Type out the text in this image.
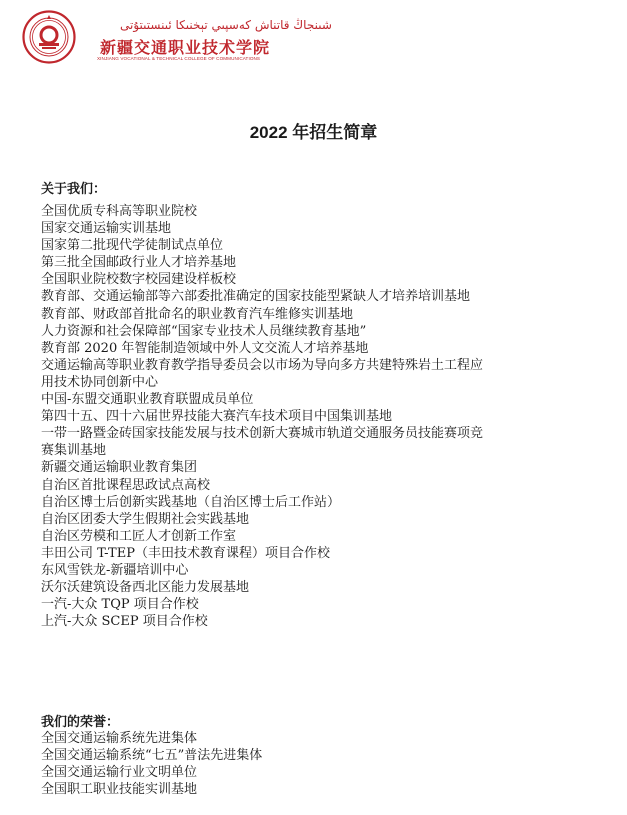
شىنجاڭ قاتناش كەسپىي تېخنىكا ئىنستىتۇتى
新疆交通职业技术学院
XINJIANG VOCATIONAL & TECHNICAL COLLEGE OF COMMUNICATIONS
2022 年招生简章
关于我们：
全国优质专科高等职业院校
国家交通运输实训基地
国家第二批现代学徒制试点单位
第三批全国邮政行业人才培养基地
全国职业院校数字校园建设样板校
教育部、交通运输部等六部委批准确定的国家技能型紧缺人才培养培训基地
教育部、财政部首批命名的职业教育汽车维修实训基地
人力资源和社会保障部“国家专业技术人员继续教育基地”
教育部 2020 年智能制造领域中外人文交流人才培养基地
交通运输高等职业教育教学指导委员会以市场为导向多方共建特殊岩土工程应
用技术协同创新中心
中国-东盟交通职业教育联盟成员单位
第四十五、四十六届世界技能大赛汽车技术项目中国集训基地
一带一路暨金砖国家技能发展与技术创新大赛城市轨道交通服务员技能赛项竞
赛集训基地
新疆交通运输职业教育集团
自治区首批课程思政试点高校
自治区博士后创新实践基地（自治区博士后工作站）
自治区团委大学生假期社会实践基地
自治区劳模和工匠人才创新工作室
丰田公司 T-TEP（丰田技术教育课程）项目合作校
东风雪铁龙-新疆培训中心
沃尔沃建筑设备西北区能力发展基地
一汽-大众 TQP 项目合作校
上汽-大众 SCEP 项目合作校
我们的荣誉：
全国交通运输系统先进集体
全国交通运输系统“七五”普法先进集体
全国交通运输行业文明单位
全国职工职业技能实训基地
